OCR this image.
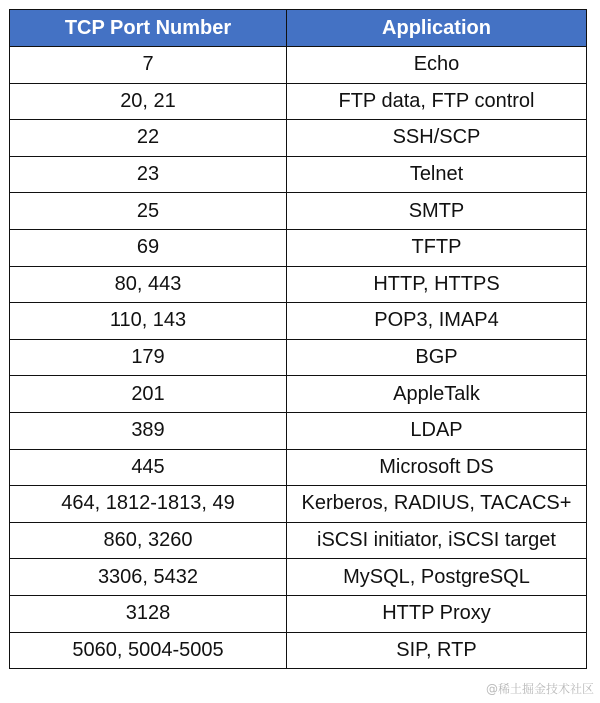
TCP Port Number	Application
7	Echo
20, 21	FTP data, FTP control
22	SSH/SCP
23	Telnet
25	SMTP
69	TFTP
80, 443	HTTP, HTTPS
110, 143	POP3, IMAP4
179	BGP
201	AppleTalk
389	LDAP
445	Microsoft DS
464, 1812-1813, 49	Kerberos, RADIUS, TACACS+
860, 3260	iSCSI initiator, iSCSI target
3306, 5432	MySQL, PostgreSQL
3128	HTTP Proxy
5060, 5004-5005	SIP, RTP
@稀土掘金技术社区
